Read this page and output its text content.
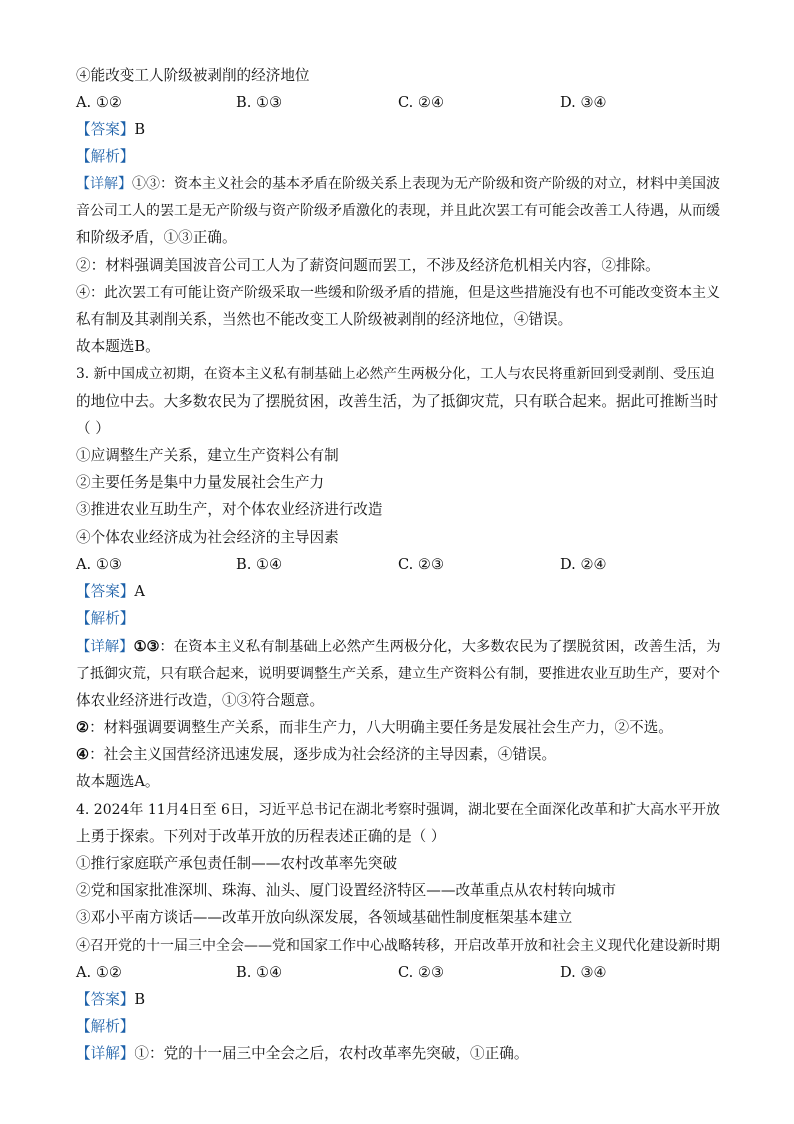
④能改变工人阶级被剥削的经济地位
A. ①②	B. ①③	C. ②④	D. ③④
【答案】B
【解析】
【详解】①③：资本主义社会的基本矛盾在阶级关系上表现为无产阶级和资产阶级的对立，材料中美国波
音公司工人的罢工是无产阶级与资产阶级矛盾激化的表现，并且此次罢工有可能会改善工人待遇，从而缓
和阶级矛盾，①③正确。
②：材料强调美国波音公司工人为了薪资问题而罢工，不涉及经济危机相关内容，②排除。
④：此次罢工有可能让资产阶级采取一些缓和阶级矛盾的措施，但是这些措施没有也不可能改变资本主义
私有制及其剥削关系，当然也不能改变工人阶级被剥削的经济地位，④错误。
故本题选B。
3. 新中国成立初期，在资本主义私有制基础上必然产生两极分化，工人与农民将重新回到受剥削、受压迫
的地位中去。大多数农民为了摆脱贫困，改善生活，为了抵御灾荒，只有联合起来。据此可推断当时
（ ）
①应调整生产关系，建立生产资料公有制
②主要任务是集中力量发展社会生产力
③推进农业互助生产，对个体农业经济进行改造
④个体农业经济成为社会经济的主导因素
A. ①③	B. ①④	C. ②③	D. ②④
【答案】A
【解析】
【详解】①③：在资本主义私有制基础上必然产生两极分化，大多数农民为了摆脱贫困，改善生活，为
了抵御灾荒，只有联合起来，说明要调整生产关系，建立生产资料公有制，要推进农业互助生产，要对个
体农业经济进行改造，①③符合题意。
②：材料强调要调整生产关系，而非生产力，八大明确主要任务是发展社会生产力，②不选。
④：社会主义国营经济迅速发展，逐步成为社会经济的主导因素，④错误。
故本题选A。
4. 2024年 11月4日至 6日，习近平总书记在湖北考察时强调，湖北要在全面深化改革和扩大高水平开放
上勇于探索。下列对于改革开放的历程表述正确的是（ ）
①推行家庭联产承包责任制——农村改革率先突破
②党和国家批准深圳、珠海、汕头、厦门设置经济特区——改革重点从农村转向城市
③邓小平南方谈话——改革开放向纵深发展，各领域基础性制度框架基本建立
④召开党的十一届三中全会——党和国家工作中心战略转移，开启改革开放和社会主义现代化建设新时期
A. ①②	B. ①④	C. ②③	D. ③④
【答案】B
【解析】
【详解】①：党的十一届三中全会之后，农村改革率先突破，①正确。
